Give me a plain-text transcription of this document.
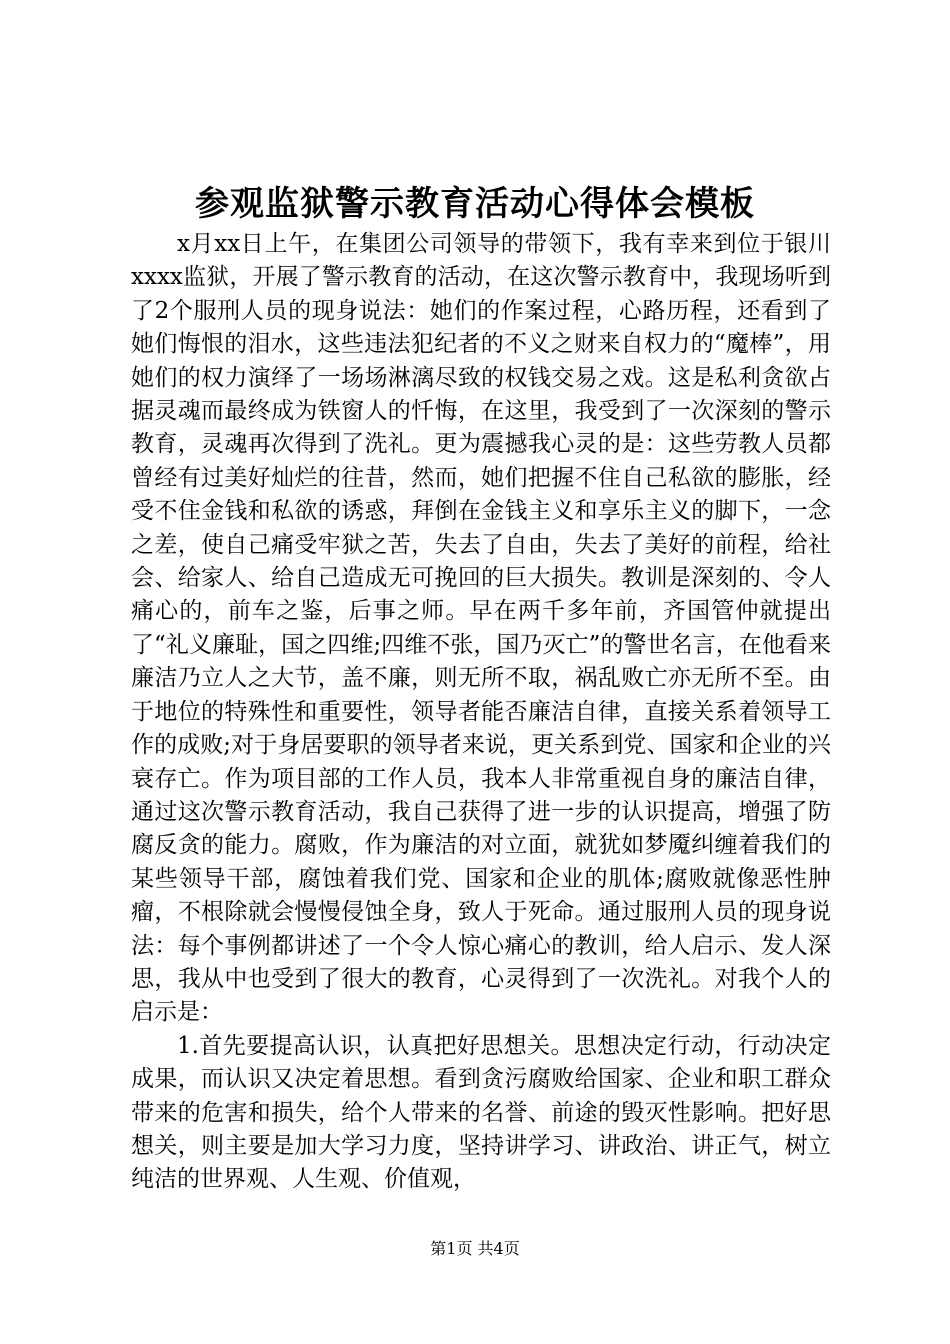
参观监狱警示教育活动心得体会模板

x月xx日上午，在集团公司领导的带领下，我有幸来到位于银川xxxx监狱，开展了警示教育的活动，在这次警示教育中，我现场听到了2个服刑人员的现身说法：她们的作案过程，心路历程，还看到了她们悔恨的泪水，这些违法犯纪者的不义之财来自权力的“魔棒”，用她们的权力演绎了一场场淋漓尽致的权钱交易之戏。这是私利贪欲占据灵魂而最终成为铁窗人的忏悔，在这里，我受到了一次深刻的警示教育，灵魂再次得到了洗礼。更为震撼我心灵的是：这些劳教人员都曾经有过美好灿烂的往昔，然而，她们把握不住自己私欲的膨胀，经受不住金钱和私欲的诱惑，拜倒在金钱主义和享乐主义的脚下，一念之差，使自己痛受牢狱之苦，失去了自由，失去了美好的前程，给社会、给家人、给自己造成无可挽回的巨大损失。教训是深刻的、令人痛心的，前车之鉴，后事之师。早在两千多年前，齐国管仲就提出了“礼义廉耻，国之四维;四维不张，国乃灭亡”的警世名言，在他看来廉洁乃立人之大节，盖不廉，则无所不取，祸乱败亡亦无所不至。由于地位的特殊性和重要性，领导者能否廉洁自律，直接关系着领导工作的成败;对于身居要职的领导者来说，更关系到党、国家和企业的兴衰存亡。作为项目部的工作人员，我本人非常重视自身的廉洁自律，通过这次警示教育活动，我自己获得了进一步的认识提高，增强了防腐反贪的能力。腐败，作为廉洁的对立面，就犹如梦魇纠缠着我们的某些领导干部，腐蚀着我们党、国家和企业的肌体;腐败就像恶性肿瘤，不根除就会慢慢侵蚀全身，致人于死命。通过服刑人员的现身说法：每个事例都讲述了一个令人惊心痛心的教训，给人启示、发人深思，我从中也受到了很大的教育，心灵得到了一次洗礼。对我个人的启示是：

1.首先要提高认识，认真把好思想关。思想决定行动，行动决定成果，而认识又决定着思想。看到贪污腐败给国家、企业和职工群众带来的危害和损失，给个人带来的名誉、前途的毁灭性影响。把好思想关，则主要是加大学习力度，坚持讲学习、讲政治、讲正气，树立纯洁的世界观、人生观、价值观，

第1页 共4页
